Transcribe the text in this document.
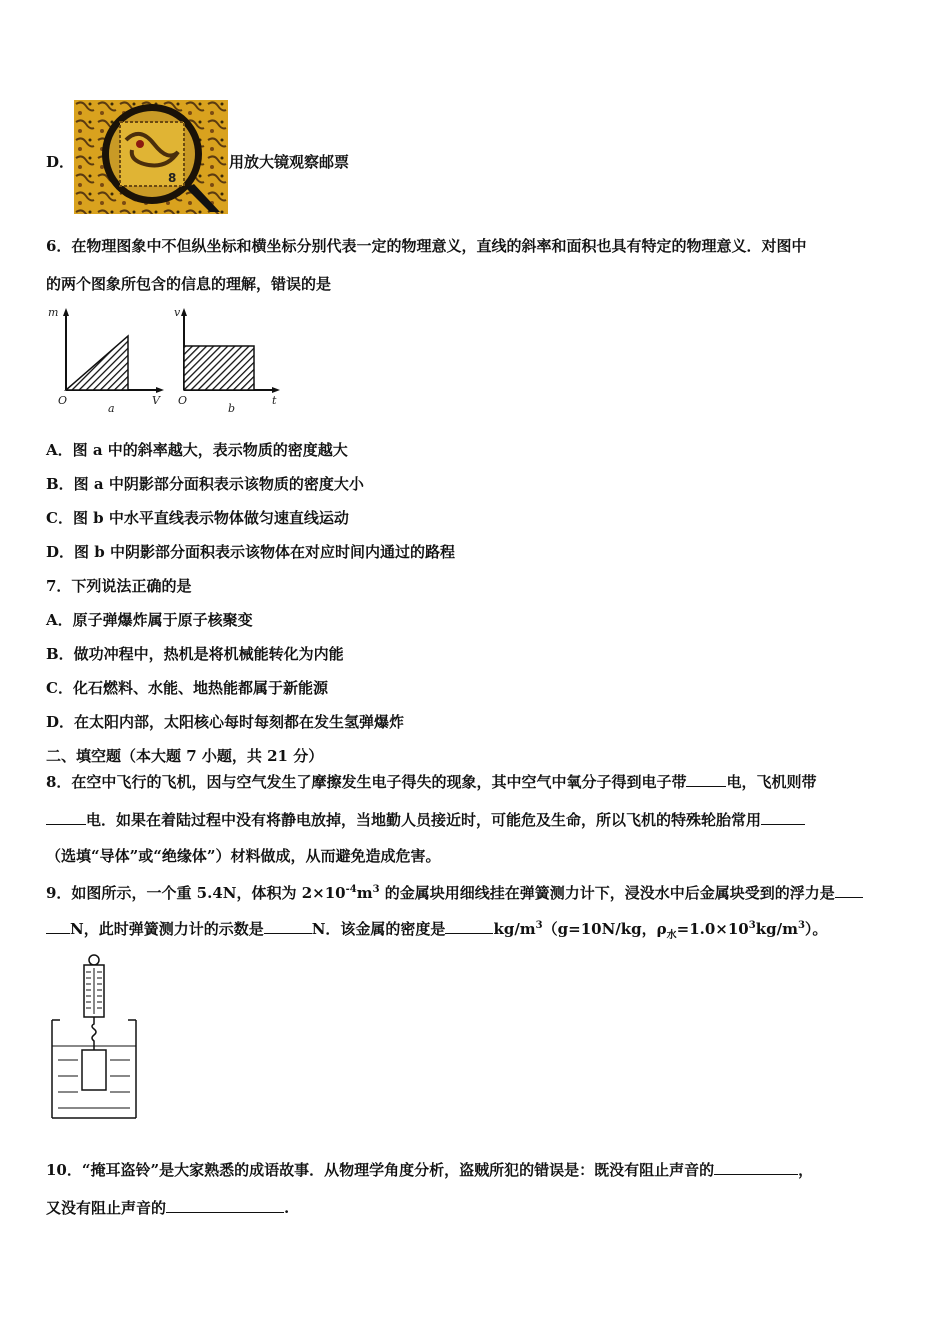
D．
8
用放大镜观察邮票
6．在物理图象中不但纵坐标和横坐标分别代表一定的物理意义，直线的斜率和面积也具有特定的物理意义．对图中
的两个图象所包含的信息的理解，错误的是
m
V
O
a
v
t
O
b
A．图 a 中的斜率越大，表示物质的密度越大
B．图 a 中阴影部分面积表示该物质的密度大小
C．图 b 中水平直线表示物体做匀速直线运动
D．图 b 中阴影部分面积表示该物体在对应时间内通过的路程
7．下列说法正确的是
A．原子弹爆炸属于原子核聚变
B．做功冲程中，热机是将机械能转化为内能
C．化石燃料、水能、地热能都属于新能源
D．在太阳内部，太阳核心每时每刻都在发生氢弹爆炸
二、填空题（本大题 7 小题，共 21 分）
8．在空中飞行的飞机，因与空气发生了摩擦发生电子得失的现象，其中空气中氧分子得到电子带	电，飞机则带
电．如果在着陆过程中没有将静电放掉，当地勤人员接近时，可能危及生命，所以飞机的特殊轮胎常用
（选填“导体”或“绝缘体”）材料做成，从而避免造成危害。
9．如图所示，一个重 5.4N，体积为 $2\times 10^{-4}m^3$ 的金属块用细线挂在弹簧测力计下，浸没水中后金属块受到的浮力是
N，此时弹簧测力计的示数是	N．该金属的密度是	$kg/m^3(g=10N/kg$，$\rho_水=1.0\times 10^3kg/m^3$）。
10．“掩耳盗铃”是大家熟悉的成语故事．从物理学角度分析，盗贼所犯的错误是：既没有阻止声音的	，
又没有阻止声音的	.
